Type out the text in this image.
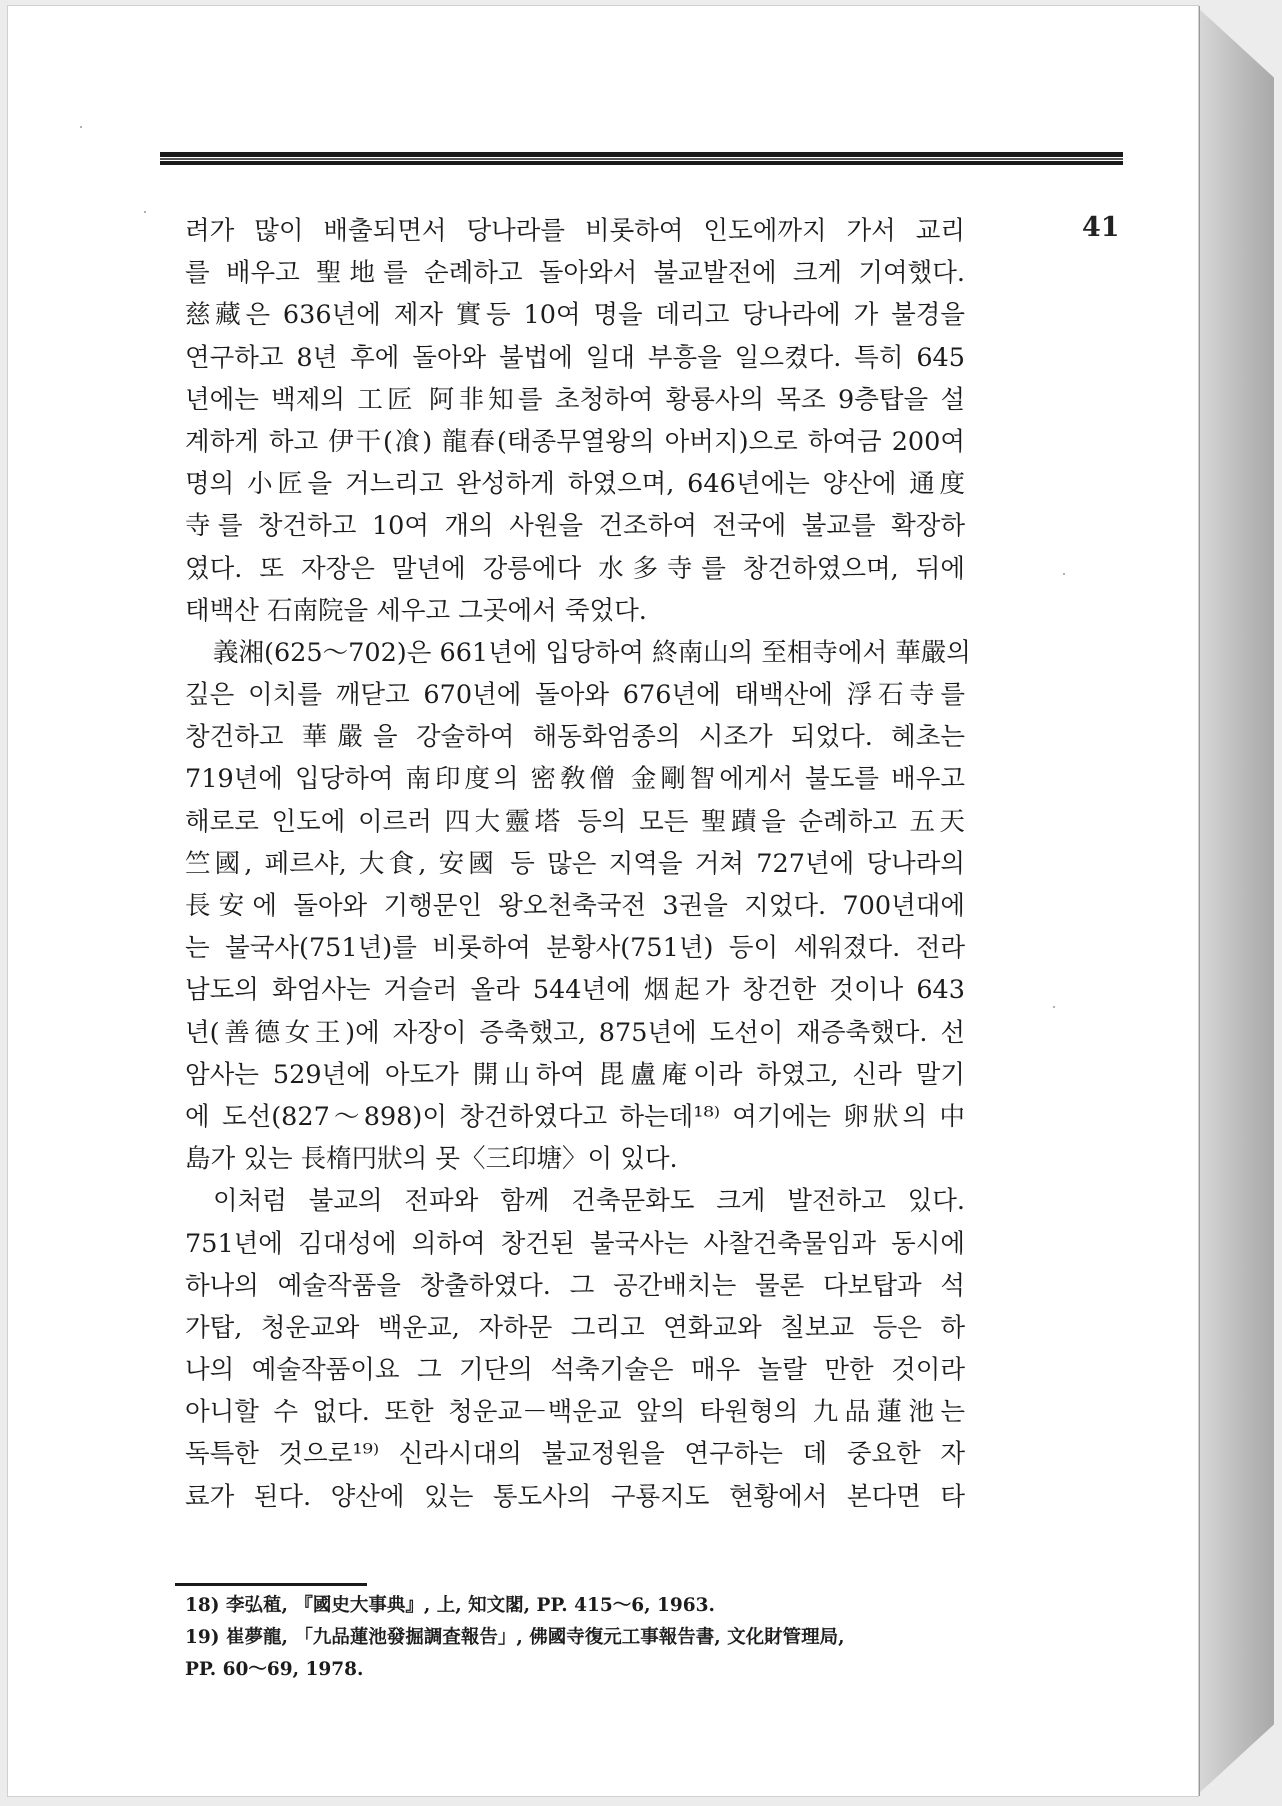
41
려가 많이 배출되면서 당나라를 비롯하여 인도에까지 가서 교리
를 배우고 聖地를 순례하고 돌아와서 불교발전에 크게 기여했다.
慈藏은 636년에 제자 實등 10여 명을 데리고 당나라에 가 불경을
연구하고 8년 후에 돌아와 불법에 일대 부흥을 일으켰다. 특히 645
년에는 백제의 工匠 阿非知를 초청하여 황룡사의 목조 9층탑을 설
계하게 하고 伊干(飡) 龍春(태종무열왕의 아버지)으로 하여금 200여
명의 小匠을 거느리고 완성하게 하였으며, 646년에는 양산에 通度
寺를 창건하고 10여 개의 사원을 건조하여 전국에 불교를 확장하
였다. 또 자장은 말년에 강릉에다 水多寺를 창건하였으며, 뒤에
태백산 石南院을 세우고 그곳에서 죽었다.
義湘(625～702)은 661년에 입당하여 終南山의 至相寺에서 華嚴의
깊은 이치를 깨닫고 670년에 돌아와 676년에 태백산에 浮石寺를
창건하고 華嚴을 강술하여 해동화엄종의 시조가 되었다. 혜초는
719년에 입당하여 南印度의 密敎僧 金剛智에게서 불도를 배우고
해로로 인도에 이르러 四大靈塔 등의 모든 聖蹟을 순례하고 五天
竺國, 페르샤, 大食, 安國 등 많은 지역을 거쳐 727년에 당나라의
長安에 돌아와 기행문인 왕오천축국전 3권을 지었다. 700년대에
는 불국사(751년)를 비롯하여 분황사(751년) 등이 세워졌다. 전라
남도의 화엄사는 거슬러 올라 544년에 烟起가 창건한 것이나 643
년(善德女王)에 자장이 증축했고, 875년에 도선이 재증축했다. 선
암사는 529년에 아도가 開山하여 毘盧庵이라 하였고, 신라 말기
에 도선(827～898)이 창건하였다고 하는데¹⁸⁾ 여기에는 卵狀의 中
島가 있는 長楕円狀의 못〈三印塘〉이 있다.
이처럼 불교의 전파와 함께 건축문화도 크게 발전하고 있다.
751년에 김대성에 의하여 창건된 불국사는 사찰건축물임과 동시에
하나의 예술작품을 창출하였다. 그 공간배치는 물론 다보탑과 석
가탑, 청운교와 백운교, 자하문 그리고 연화교와 칠보교 등은 하
나의 예술작품이요 그 기단의 석축기술은 매우 놀랄 만한 것이라
아니할 수 없다. 또한 청운교－백운교 앞의 타원형의 九品蓮池는
독특한 것으로¹⁹⁾ 신라시대의 불교정원을 연구하는 데 중요한 자
료가 된다. 양산에 있는 통도사의 구룡지도 현황에서 본다면 타
18) 李弘稙, 『國史大事典』, 上, 知文閣, PP. 415～6, 1963.
19) 崔夢龍, 「九品蓮池發掘調査報告」, 佛國寺復元工事報告書, 文化財管理局,
PP. 60～69, 1978.
